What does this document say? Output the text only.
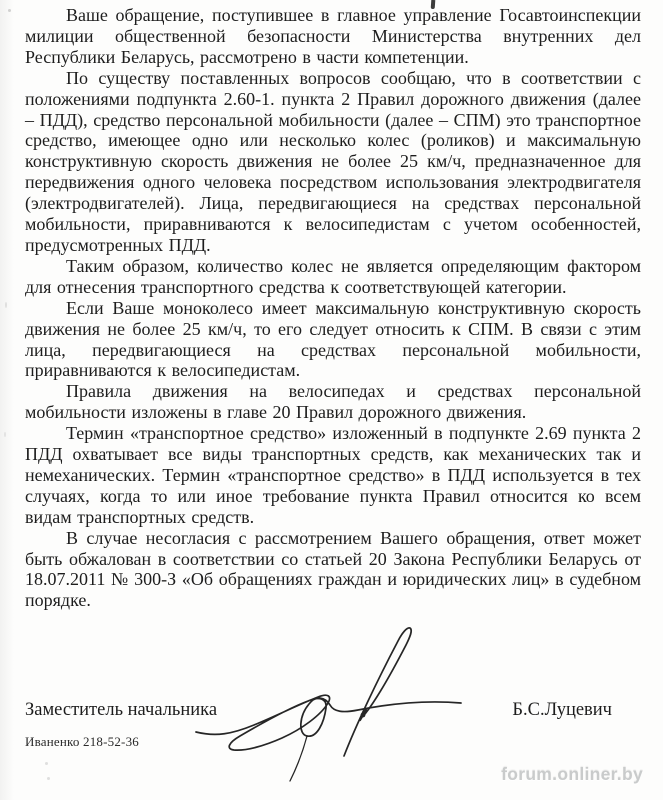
Ваше обращение, поступившее в главное управление Госавтоинспекции милиции общественной безопасности Министерства внутренних дел Республики Беларусь, рассмотрено в части компетенции.

По существу поставленных вопросов сообщаю, что в соответствии с положениями подпункта 2.60-1. пункта 2 Правил дорожного движения (далее – ПДД), средство персональной мобильности (далее – СПМ) это транспортное средство, имеющее одно или несколько колес (роликов) и максимальную конструктивную скорость движения не более 25 км/ч, предназначенное для передвижения одного человека посредством использования электродвигателя (электродвигателей). Лица, передвигающиеся на средствах персональной мобильности, приравниваются к велосипедистам с учетом особенностей, предусмотренных ПДД.

Таким образом, количество колес не является определяющим фактором для отнесения транспортного средства к соответствующей категории.

Если Ваше моноколесо имеет максимальную конструктивную скорость движения не более 25 км/ч, то его следует относить к СПМ. В связи с этим лица, передвигающиеся на средствах персональной мобильности, приравниваются к велосипедистам.

Правила движения на велосипедах и средствах персональной мобильности изложены в главе 20 Правил дорожного движения.

Термин «транспортное средство» изложенный в подпункте 2.69 пункта 2 ПДД охватывает все виды транспортных средств, как механических так и немеханических. Термин «транспортное средство» в ПДД используется в тех случаях, когда то или иное требование пункта Правил относится ко всем видам транспортных средств.

В случае несогласия с рассмотрением Вашего обращения, ответ может быть обжалован в соответствии со статьей 20 Закона Республики Беларусь от 18.07.2011 № 300-З «Об обращениях граждан и юридических лиц» в судебном порядке.

Заместитель начальника	Б.С.Луцевич
Иваненко 218-52-36
forum.onliner.by
